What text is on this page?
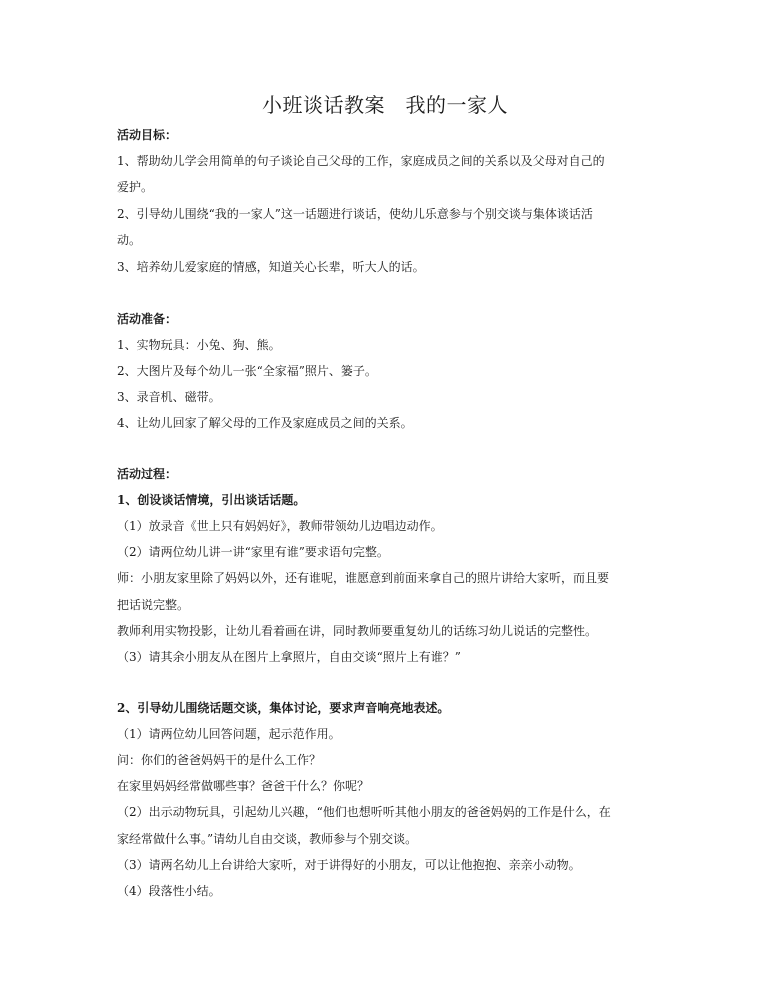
小班谈话教案　我的一家人

活动目标：

1、帮助幼儿学会用简单的句子谈论自己父母的工作，家庭成员之间的关系以及父母对自己的

爱护。

2、引导幼儿围绕“我的一家人”这一话题进行谈话，使幼儿乐意参与个别交谈与集体谈话活

动。

3、培养幼儿爱家庭的情感，知道关心长辈，听大人的话。

活动准备：

1、实物玩具：小兔、狗、熊。

2、大图片及每个幼儿一张“全家福”照片、篓子。

3、录音机、磁带。

4、让幼儿回家了解父母的工作及家庭成员之间的关系。

活动过程：

1、创设谈话情境，引出谈话话题。

（1）放录音《世上只有妈妈好》，教师带领幼儿边唱边动作。

（2）请两位幼儿讲一讲“家里有谁”要求语句完整。

师：小朋友家里除了妈妈以外，还有谁呢，谁愿意到前面来拿自己的照片讲给大家听，而且要

把话说完整。

教师利用实物投影，让幼儿看着画在讲，同时教师要重复幼儿的话练习幼儿说话的完整性。

（3）请其余小朋友从在图片上拿照片，自由交谈“照片上有谁？”

2、引导幼儿围绕话题交谈，集体讨论，要求声音响亮地表述。

（1）请两位幼儿回答问题，起示范作用。

问：你们的爸爸妈妈干的是什么工作？

在家里妈妈经常做哪些事？爸爸干什么？你呢？

（2）出示动物玩具，引起幼儿兴趣，“他们也想听听其他小朋友的爸爸妈妈的工作是什么，在

家经常做什么事。”请幼儿自由交谈，教师参与个别交谈。

（3）请两名幼儿上台讲给大家听，对于讲得好的小朋友，可以让他抱抱、亲亲小动物。

（4）段落性小结。
